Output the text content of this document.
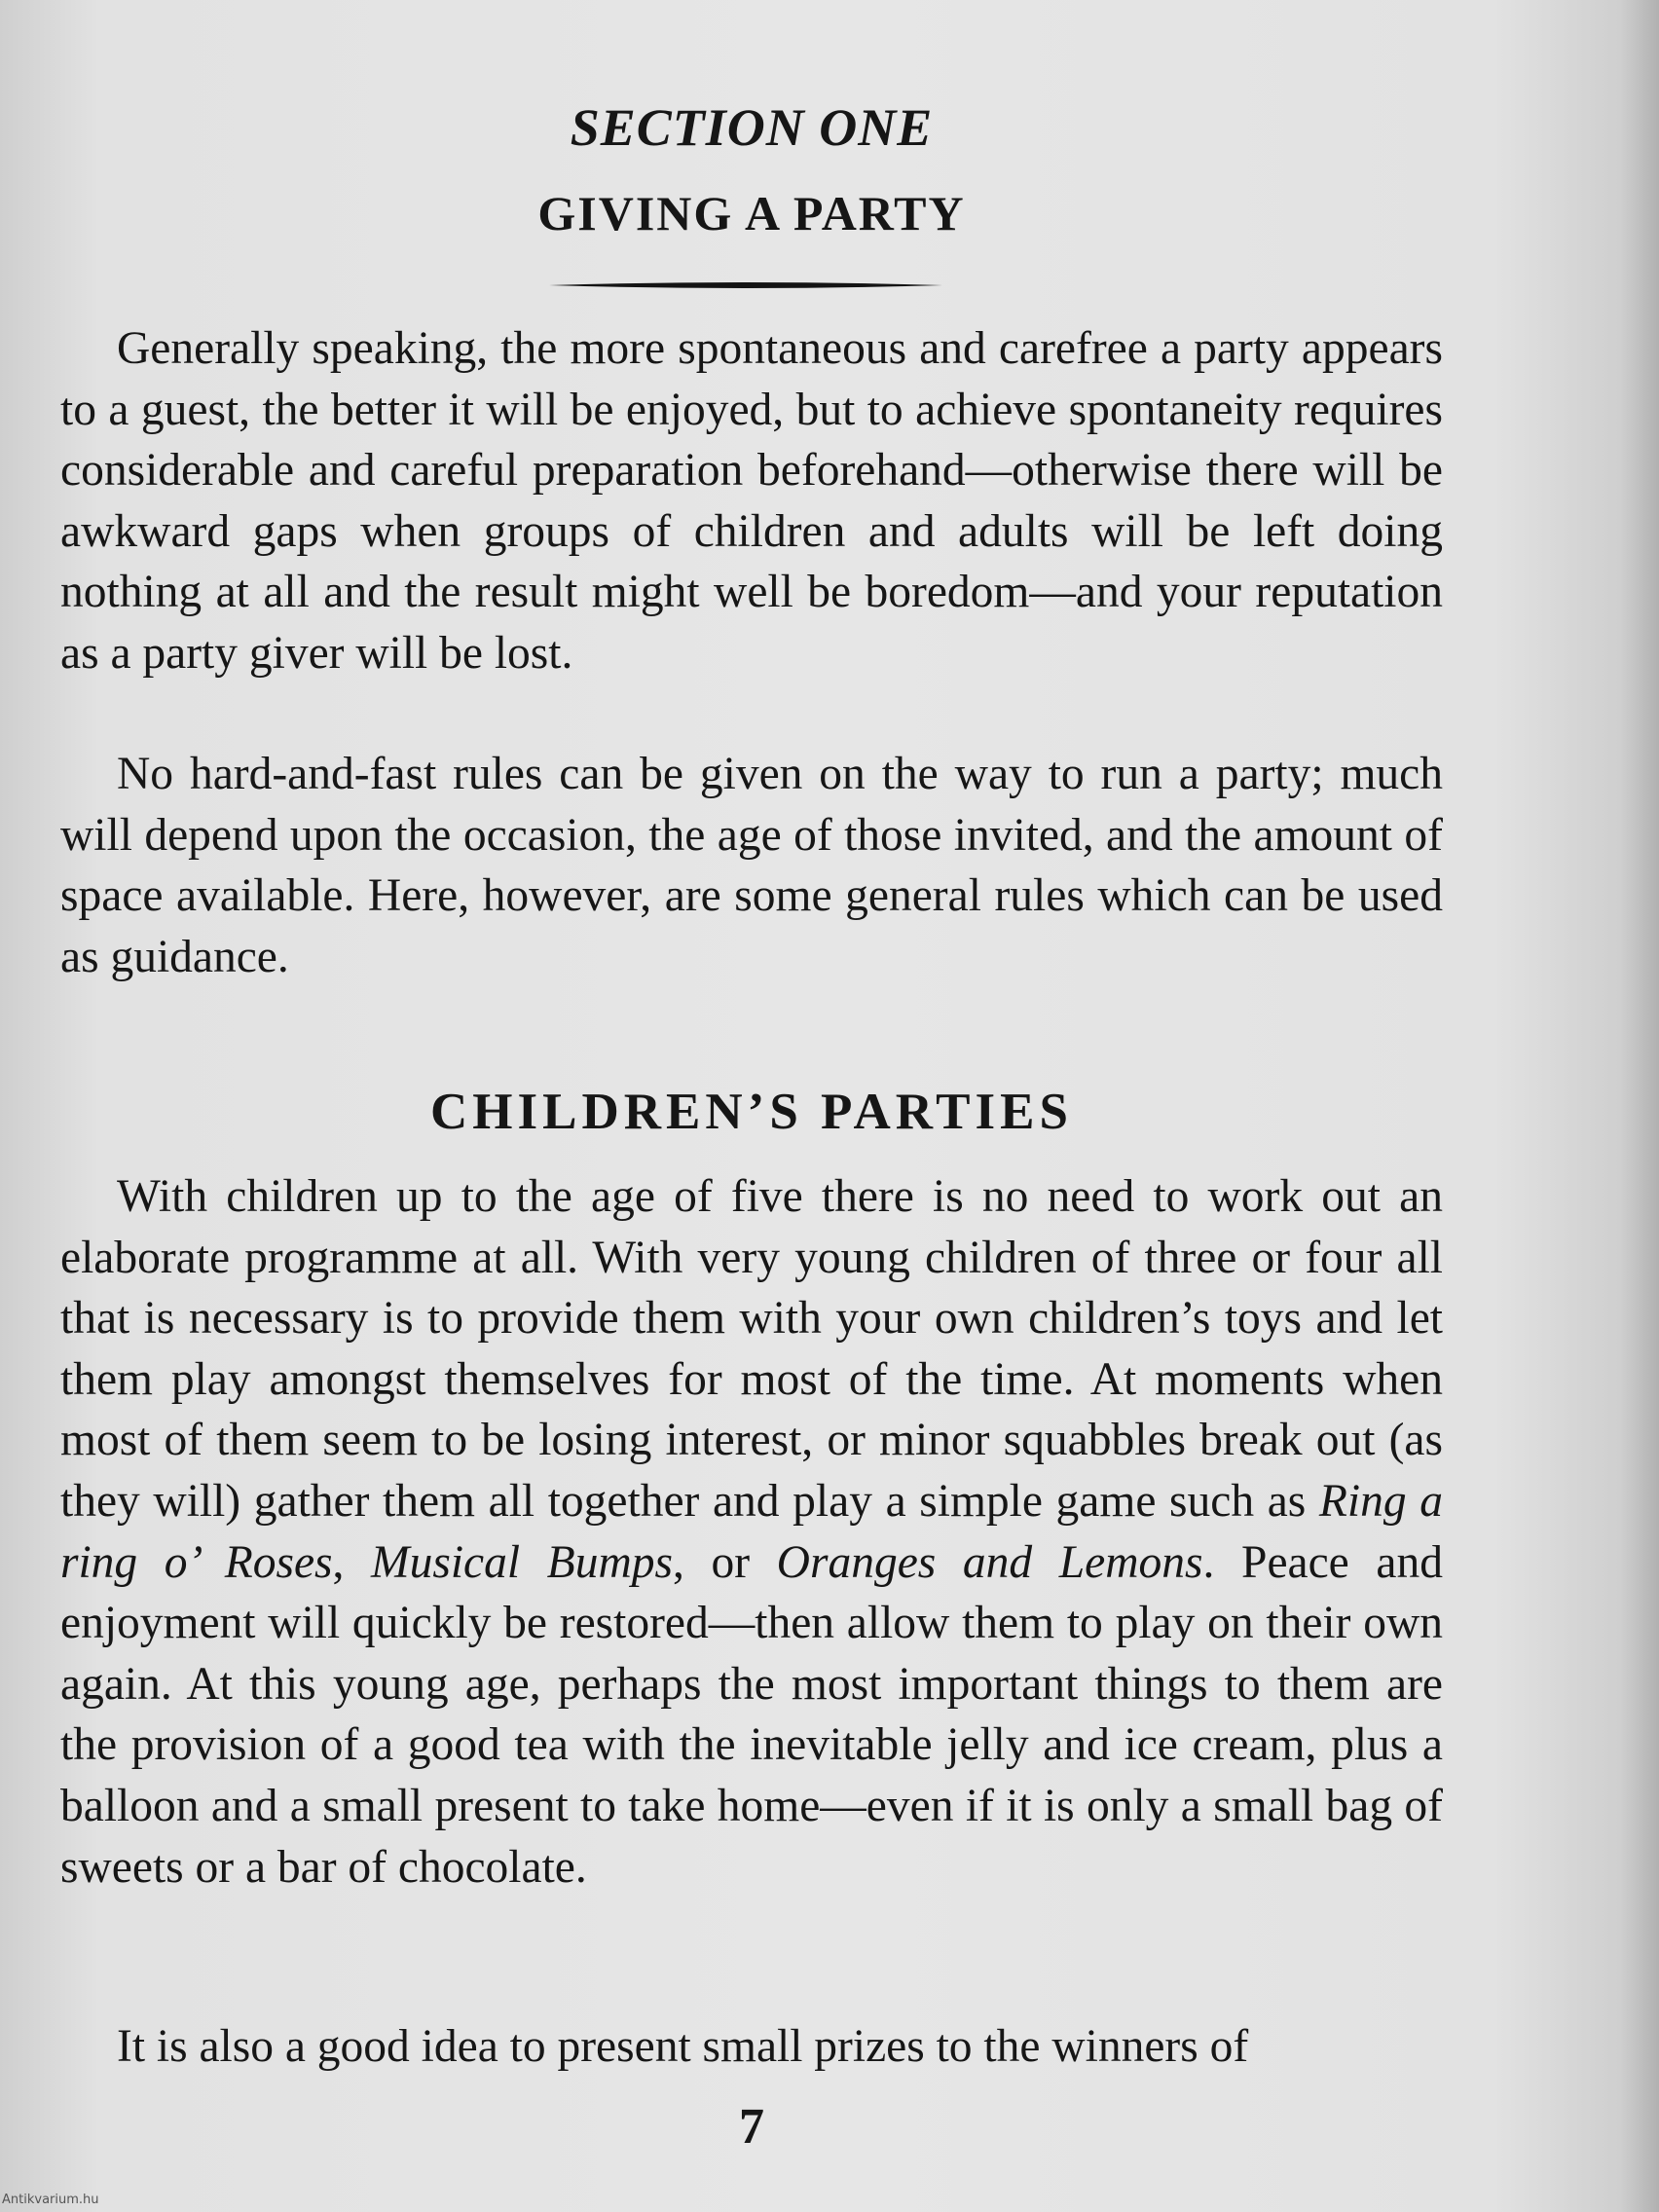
SECTION ONE
GIVING A PARTY

Generally speaking, the more spontaneous and carefree a party appears to a guest, the better it will be enjoyed, but to achieve spontaneity requires considerable and careful preparation beforehand—otherwise there will be awkward gaps when groups of children and adults will be left doing nothing at all and the result might well be boredom—and your reputation as a party giver will be lost.

No hard-and-fast rules can be given on the way to run a party; much will depend upon the occasion, the age of those invited, and the amount of space available. Here, however, are some general rules which can be used as guidance.

CHILDREN’S PARTIES

With children up to the age of five there is no need to work out an elaborate programme at all. With very young children of three or four all that is necessary is to provide them with your own children’s toys and let them play amongst themselves for most of the time. At moments when most of them seem to be losing interest, or minor squabbles break out (as they will) gather them all together and play a simple game such as Ring a ring o’ Roses, Musical Bumps, or Oranges and Lemons. Peace and enjoyment will quickly be restored—then allow them to play on their own again. At this young age, perhaps the most important things to them are the provision of a good tea with the inevitable jelly and ice cream, plus a balloon and a small present to take home—even if it is only a small bag of sweets or a bar of chocolate.

It is also a good idea to present small prizes to the winners of

7
Antikvarium.hu
